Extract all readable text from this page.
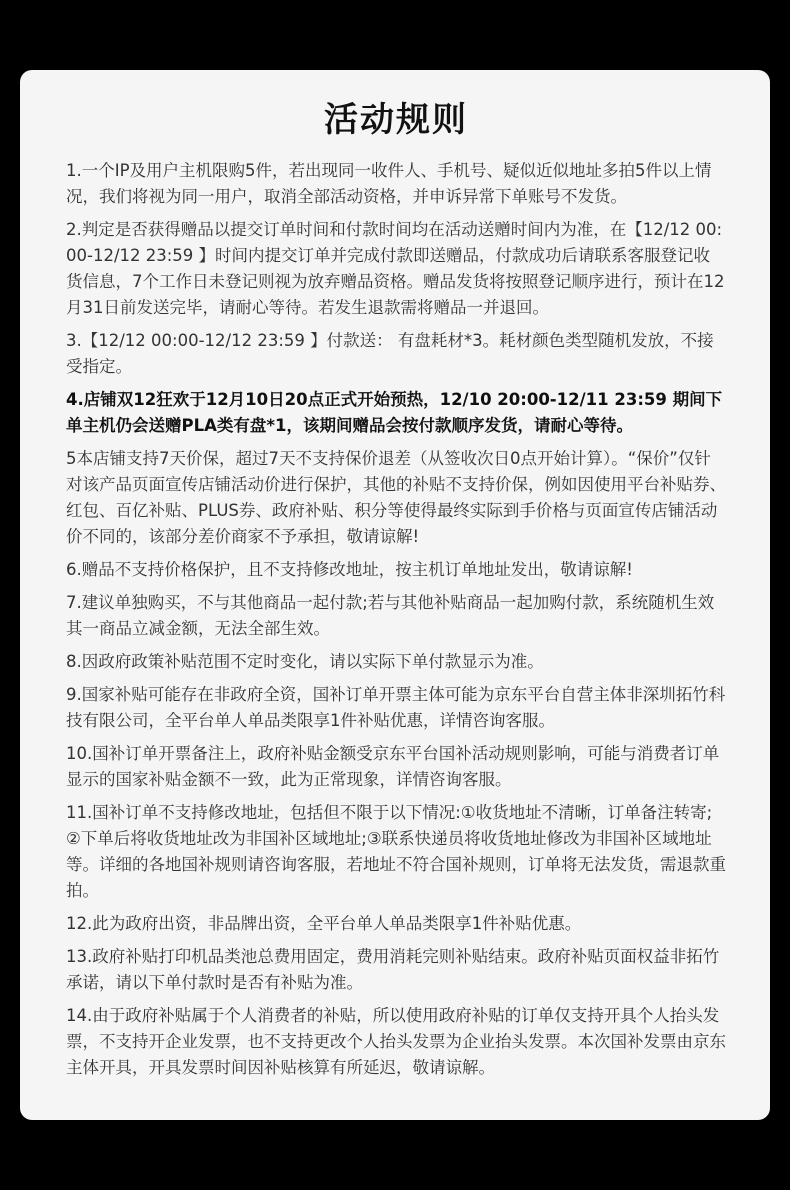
活动规则

1.一个IP及用户主机限购5件，若出现同一收件人、手机号、疑似近似地址多拍5件以上情况，我们将视为同一用户，取消全部活动资格，并申诉异常下单账号不发货。

2.判定是否获得赠品以提交订单时间和付款时间均在活动送赠时间内为准，在【12/12 00:00-12/12 23:59 】时间内提交订单并完成付款即送赠品，付款成功后请联系客服登记收货信息，7个工作日未登记则视为放弃赠品资格。赠品发货将按照登记顺序进行，预计在12月31日前发送完毕，请耐心等待。若发生退款需将赠品一并退回。

3.【12/12 00:00-12/12 23:59 】付款送： 有盘耗材*3。耗材颜色类型随机发放，不接受指定。

4.店铺双12狂欢于12月10日20点正式开始预热，12/10 20:00-12/11 23:59 期间下单主机仍会送赠PLA类有盘*1，该期间赠品会按付款顺序发货，请耐心等待。

5本店铺支持7天价保，超过7天不支持保价退差（从签收次日0点开始计算）。“保价”仅针对该产品页面宣传店铺活动价进行保护，其他的补贴不支持价保，例如因使用平台补贴券、红包、百亿补贴、PLUS券、政府补贴、积分等使得最终实际到手价格与页面宣传店铺活动价不同的，该部分差价商家不予承担，敬请谅解!

6.赠品不支持价格保护，且不支持修改地址，按主机订单地址发出，敬请谅解!

7.建议单独购买，不与其他商品一起付款;若与其他补贴商品一起加购付款，系统随机生效其一商品立减金额，无法全部生效。

8.因政府政策补贴范围不定时变化，请以实际下单付款显示为准。

9.国家补贴可能存在非政府全资，国补订单开票主体可能为京东平台自营主体非深圳拓竹科技有限公司，全平台单人单品类限享1件补贴优惠，详情咨询客服。

10.国补订单开票备注上，政府补贴金额受京东平台国补活动规则影响，可能与消费者订单显示的国家补贴金额不一致，此为正常现象，详情咨询客服。

11.国补订单不支持修改地址，包括但不限于以下情况:①收货地址不清晰，订单备注转寄;②下单后将收货地址改为非国补区域地址;③联系快递员将收货地址修改为非国补区域地址等。详细的各地国补规则请咨询客服，若地址不符合国补规则，订单将无法发货，需退款重拍。

12.此为政府出资，非品牌出资，全平台单人单品类限享1件补贴优惠。

13.政府补贴打印机品类池总费用固定，费用消耗完则补贴结束。政府补贴页面权益非拓竹承诺，请以下单付款时是否有补贴为准。

14.由于政府补贴属于个人消费者的补贴，所以使用政府补贴的订单仅支持开具个人抬头发票，不支持开企业发票，也不支持更改个人抬头发票为企业抬头发票。本次国补发票由京东主体开具，开具发票时间因补贴核算有所延迟，敬请谅解。
